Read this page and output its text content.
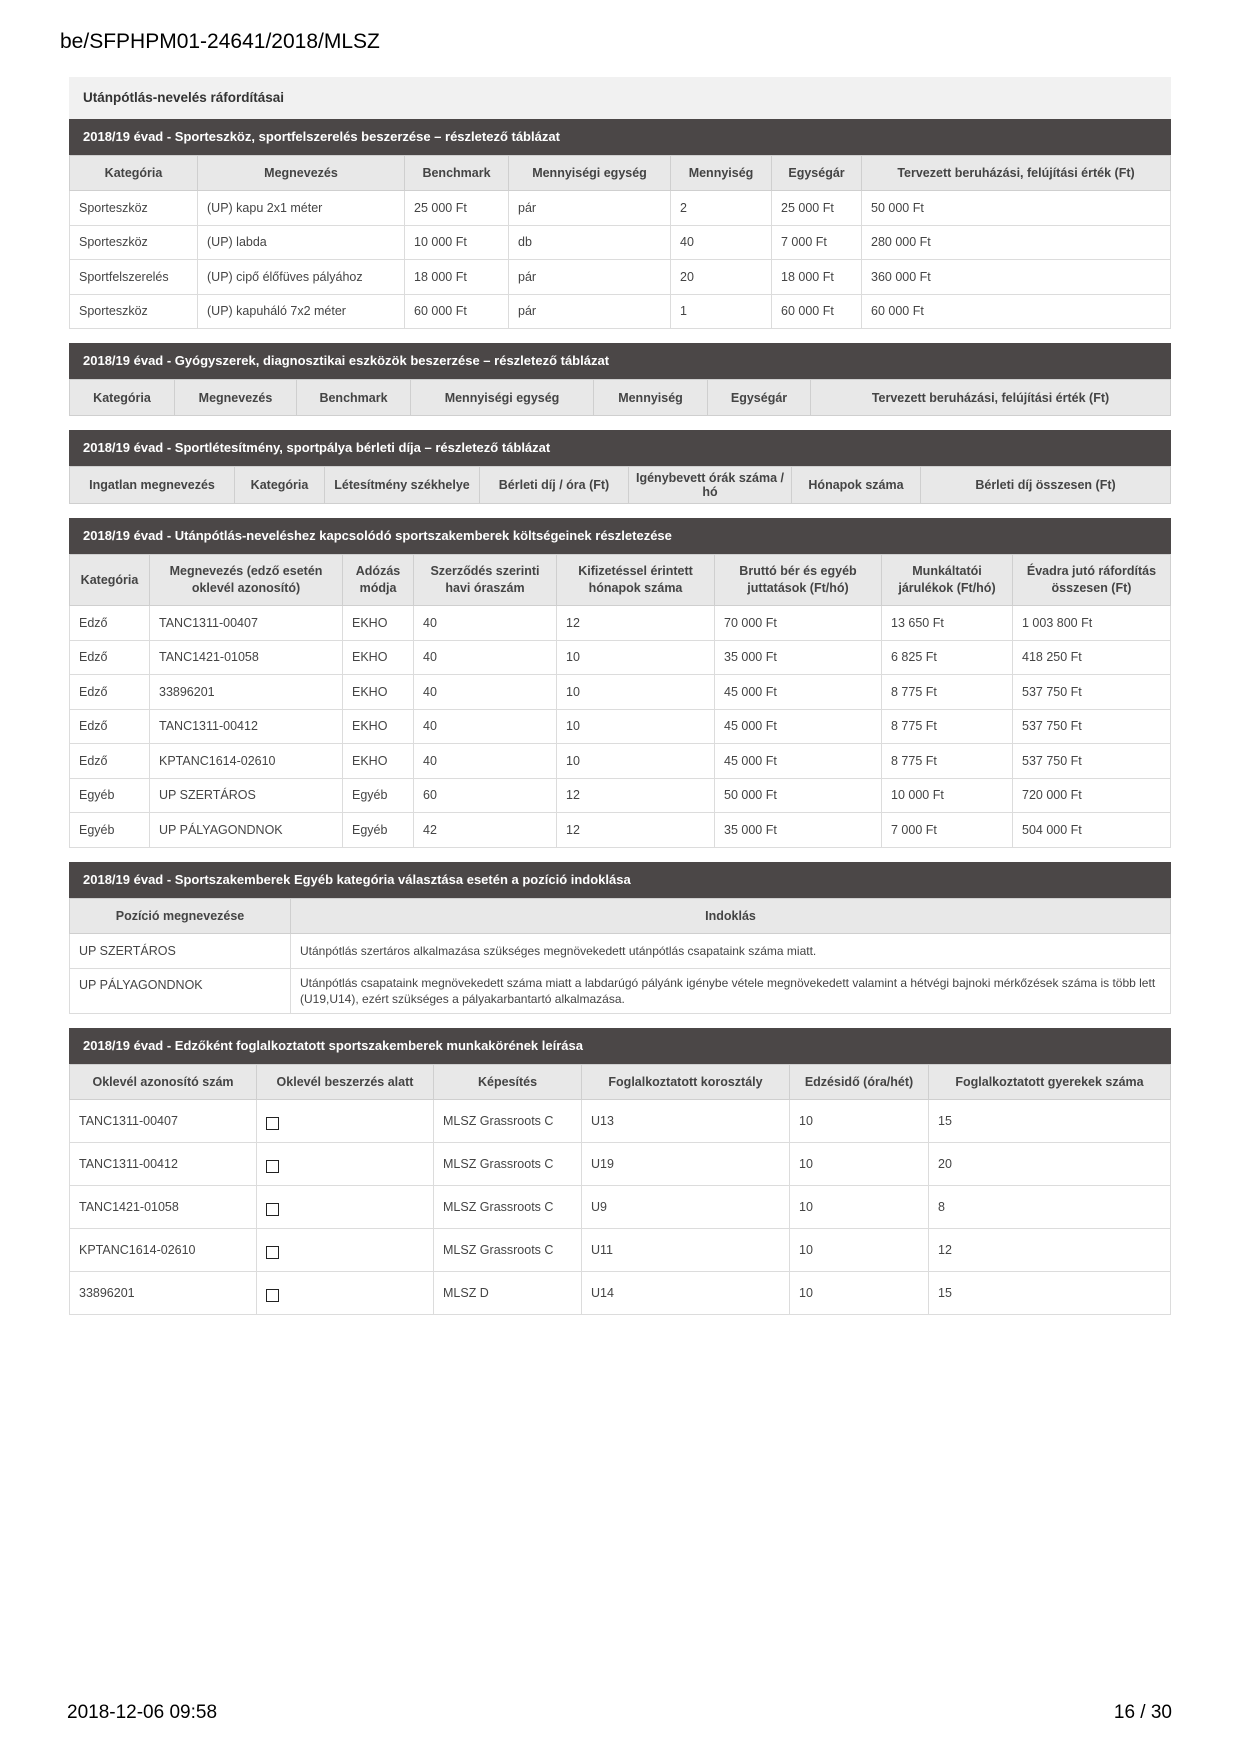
be/SFPHPM01-24641/2018/MLSZ
Utánpótlás-nevelés ráfordításai
2018/19 évad - Sporteszköz, sportfelszerelés beszerzése – részletező táblázat
Kategória	Megnevezés	Benchmark	Mennyiségi egység	Mennyiség	Egységár	Tervezett beruházási, felújítási érték (Ft)
Sporteszköz	(UP) kapu 2x1 méter	25 000 Ft	pár	2	25 000 Ft	50 000 Ft
Sporteszköz	(UP) labda	10 000 Ft	db	40	7 000 Ft	280 000 Ft
Sportfelszerelés	(UP) cipő élőfüves pályához	18 000 Ft	pár	20	18 000 Ft	360 000 Ft
Sporteszköz	(UP) kapuháló 7x2 méter	60 000 Ft	pár	1	60 000 Ft	60 000 Ft
2018/19 évad - Gyógyszerek, diagnosztikai eszközök beszerzése – részletező táblázat
Kategória	Megnevezés	Benchmark	Mennyiségi egység	Mennyiség	Egységár	Tervezett beruházási, felújítási érték (Ft)
2018/19 évad - Sportlétesítmény, sportpálya bérleti díja – részletező táblázat
Ingatlan megnevezés	Kategória	Létesítmény székhelye	Bérleti díj / óra (Ft)	Igénybevett órák száma / hó	Hónapok száma	Bérleti díj összesen (Ft)
2018/19 évad - Utánpótlás-neveléshez kapcsolódó sportszakemberek költségeinek részletezése
Kategória	Megnevezés (edző esetén oklevél azonosító)	Adózás módja	Szerződés szerinti havi óraszám	Kifizetéssel érintett hónapok száma	Bruttó bér és egyéb juttatások (Ft/hó)	Munkáltatói járulékok (Ft/hó)	Évadra jutó ráfordítás összesen (Ft)
Edző	TANC1311-00407	EKHO	40	12	70 000 Ft	13 650 Ft	1 003 800 Ft
Edző	TANC1421-01058	EKHO	40	10	35 000 Ft	6 825 Ft	418 250 Ft
Edző	33896201	EKHO	40	10	45 000 Ft	8 775 Ft	537 750 Ft
Edző	TANC1311-00412	EKHO	40	10	45 000 Ft	8 775 Ft	537 750 Ft
Edző	KPTANC1614-02610	EKHO	40	10	45 000 Ft	8 775 Ft	537 750 Ft
Egyéb	UP SZERTÁROS	Egyéb	60	12	50 000 Ft	10 000 Ft	720 000 Ft
Egyéb	UP PÁLYAGONDNOK	Egyéb	42	12	35 000 Ft	7 000 Ft	504 000 Ft
2018/19 évad - Sportszakemberek Egyéb kategória választása esetén a pozíció indoklása
Pozíció megnevezése	Indoklás
UP SZERTÁROS	Utánpótlás szertáros alkalmazása szükséges megnövekedett utánpótlás csapataink száma miatt.
UP PÁLYAGONDNOK	Utánpótlás csapataink megnövekedett száma miatt a labdarúgó pályánk igénybe vétele megnövekedett valamint a hétvégi bajnoki mérkőzések száma is több lett (U19,U14), ezért szükséges a pályakarbantartó alkalmazása.
2018/19 évad - Edzőként foglalkoztatott sportszakemberek munkakörének leírása
Oklevél azonosító szám	Oklevél beszerzés alatt	Képesítés	Foglalkoztatott korosztály	Edzésidő (óra/hét)	Foglalkoztatott gyerekek száma
TANC1311-00407		MLSZ Grassroots C	U13	10	15
TANC1311-00412		MLSZ Grassroots C	U19	10	20
TANC1421-01058		MLSZ Grassroots C	U9	10	8
KPTANC1614-02610		MLSZ Grassroots C	U11	10	12
33896201		MLSZ D	U14	10	15
2018-12-06 09:58	16 / 30
